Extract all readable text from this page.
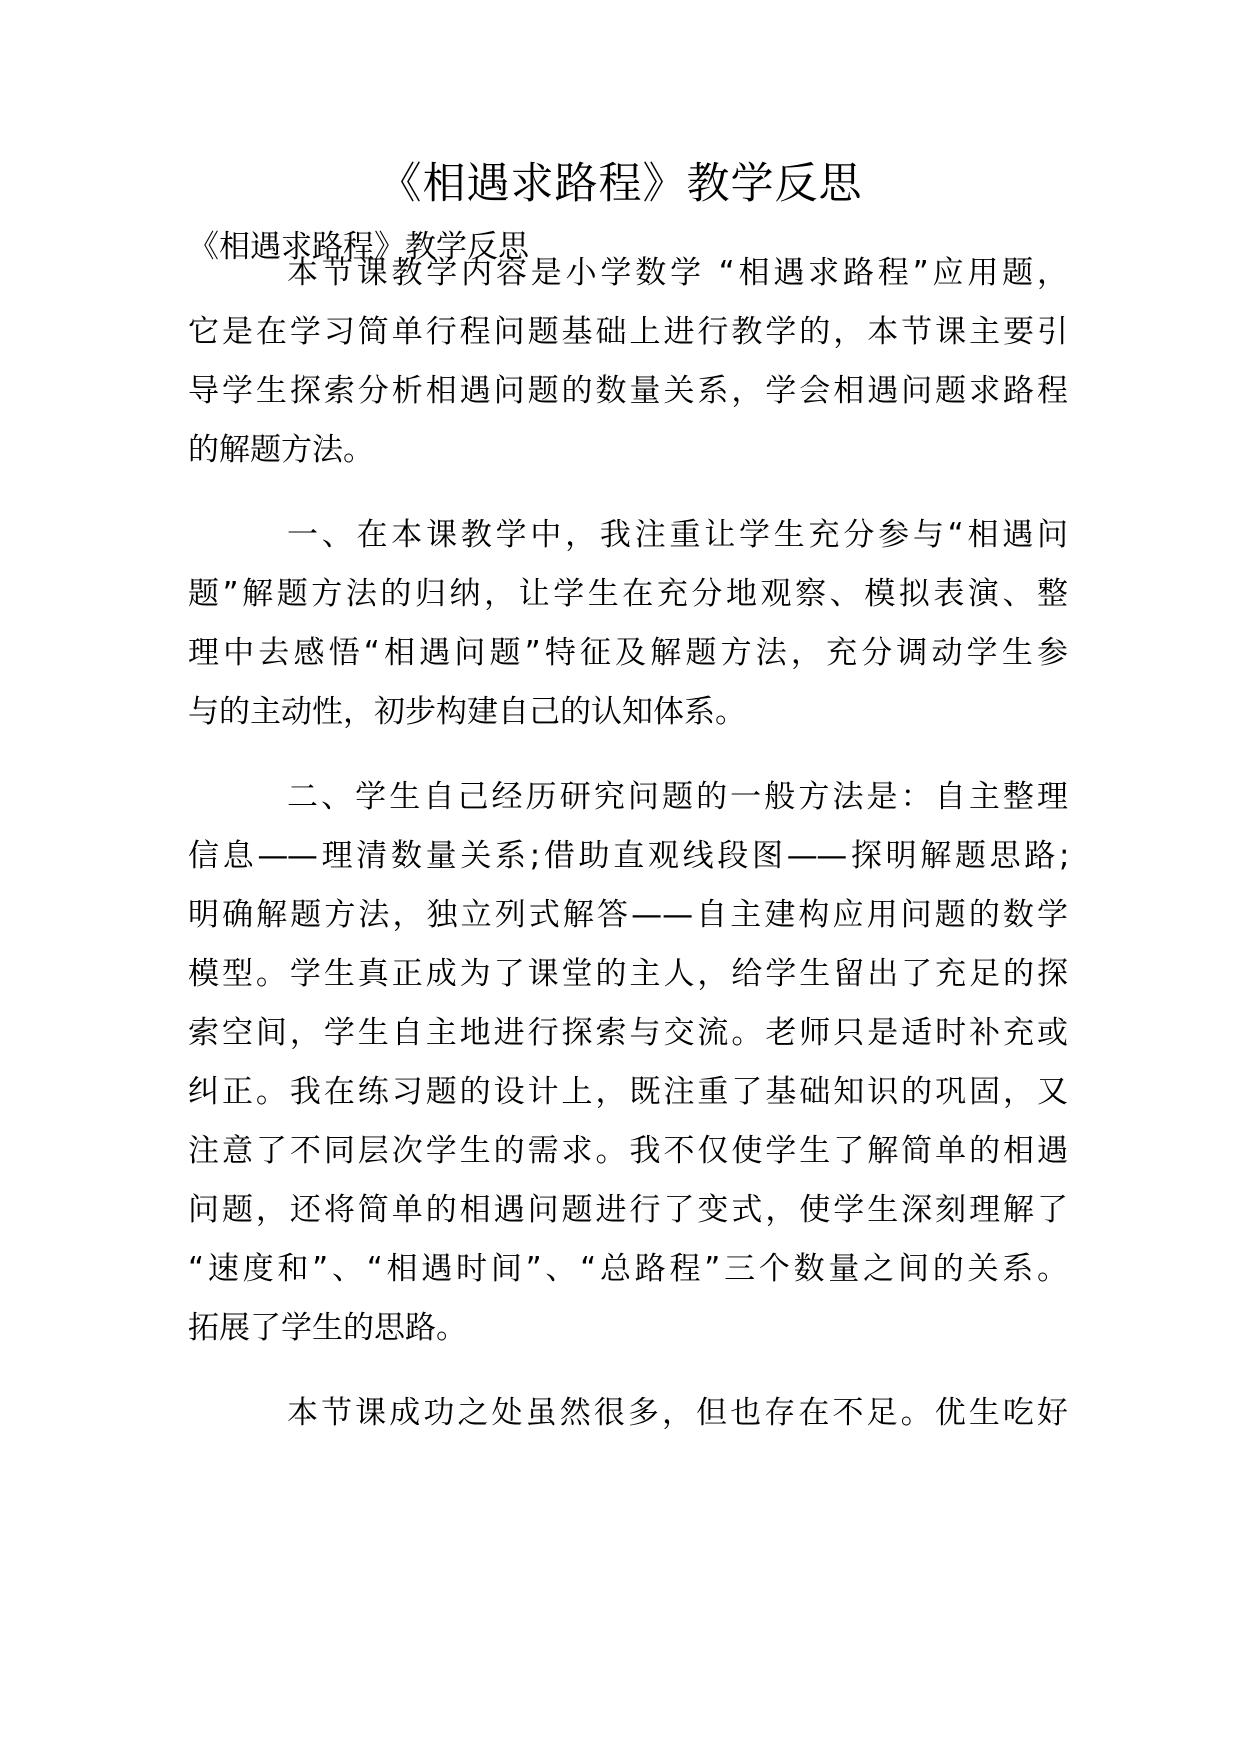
《相遇求路程》教学反思
《相遇求路程》教学反思
本节课教学内容是小学数学 “相遇求路程”应用题，
它是在学习简单行程问题基础上进行教学的，本节课主要引
导学生探索分析相遇问题的数量关系，学会相遇问题求路程
的解题方法。
一、在本课教学中，我注重让学生充分参与“相遇问
题”解题方法的归纳，让学生在充分地观察、模拟表演、整
理中去感悟“相遇问题”特征及解题方法，充分调动学生参
与的主动性，初步构建自己的认知体系。
二、学生自己经历研究问题的一般方法是：自主整理
信息——理清数量关系;借助直观线段图——探明解题思路;
明确解题方法，独立列式解答——自主建构应用问题的数学
模型。学生真正成为了课堂的主人，给学生留出了充足的探
索空间，学生自主地进行探索与交流。老师只是适时补充或
纠正。我在练习题的设计上，既注重了基础知识的巩固，又
注意了不同层次学生的需求。我不仅使学生了解简单的相遇
问题，还将简单的相遇问题进行了变式，使学生深刻理解了
“速度和”、“相遇时间”、“总路程”三个数量之间的关系。
拓展了学生的思路。
本节课成功之处虽然很多，但也存在不足。优生吃好
